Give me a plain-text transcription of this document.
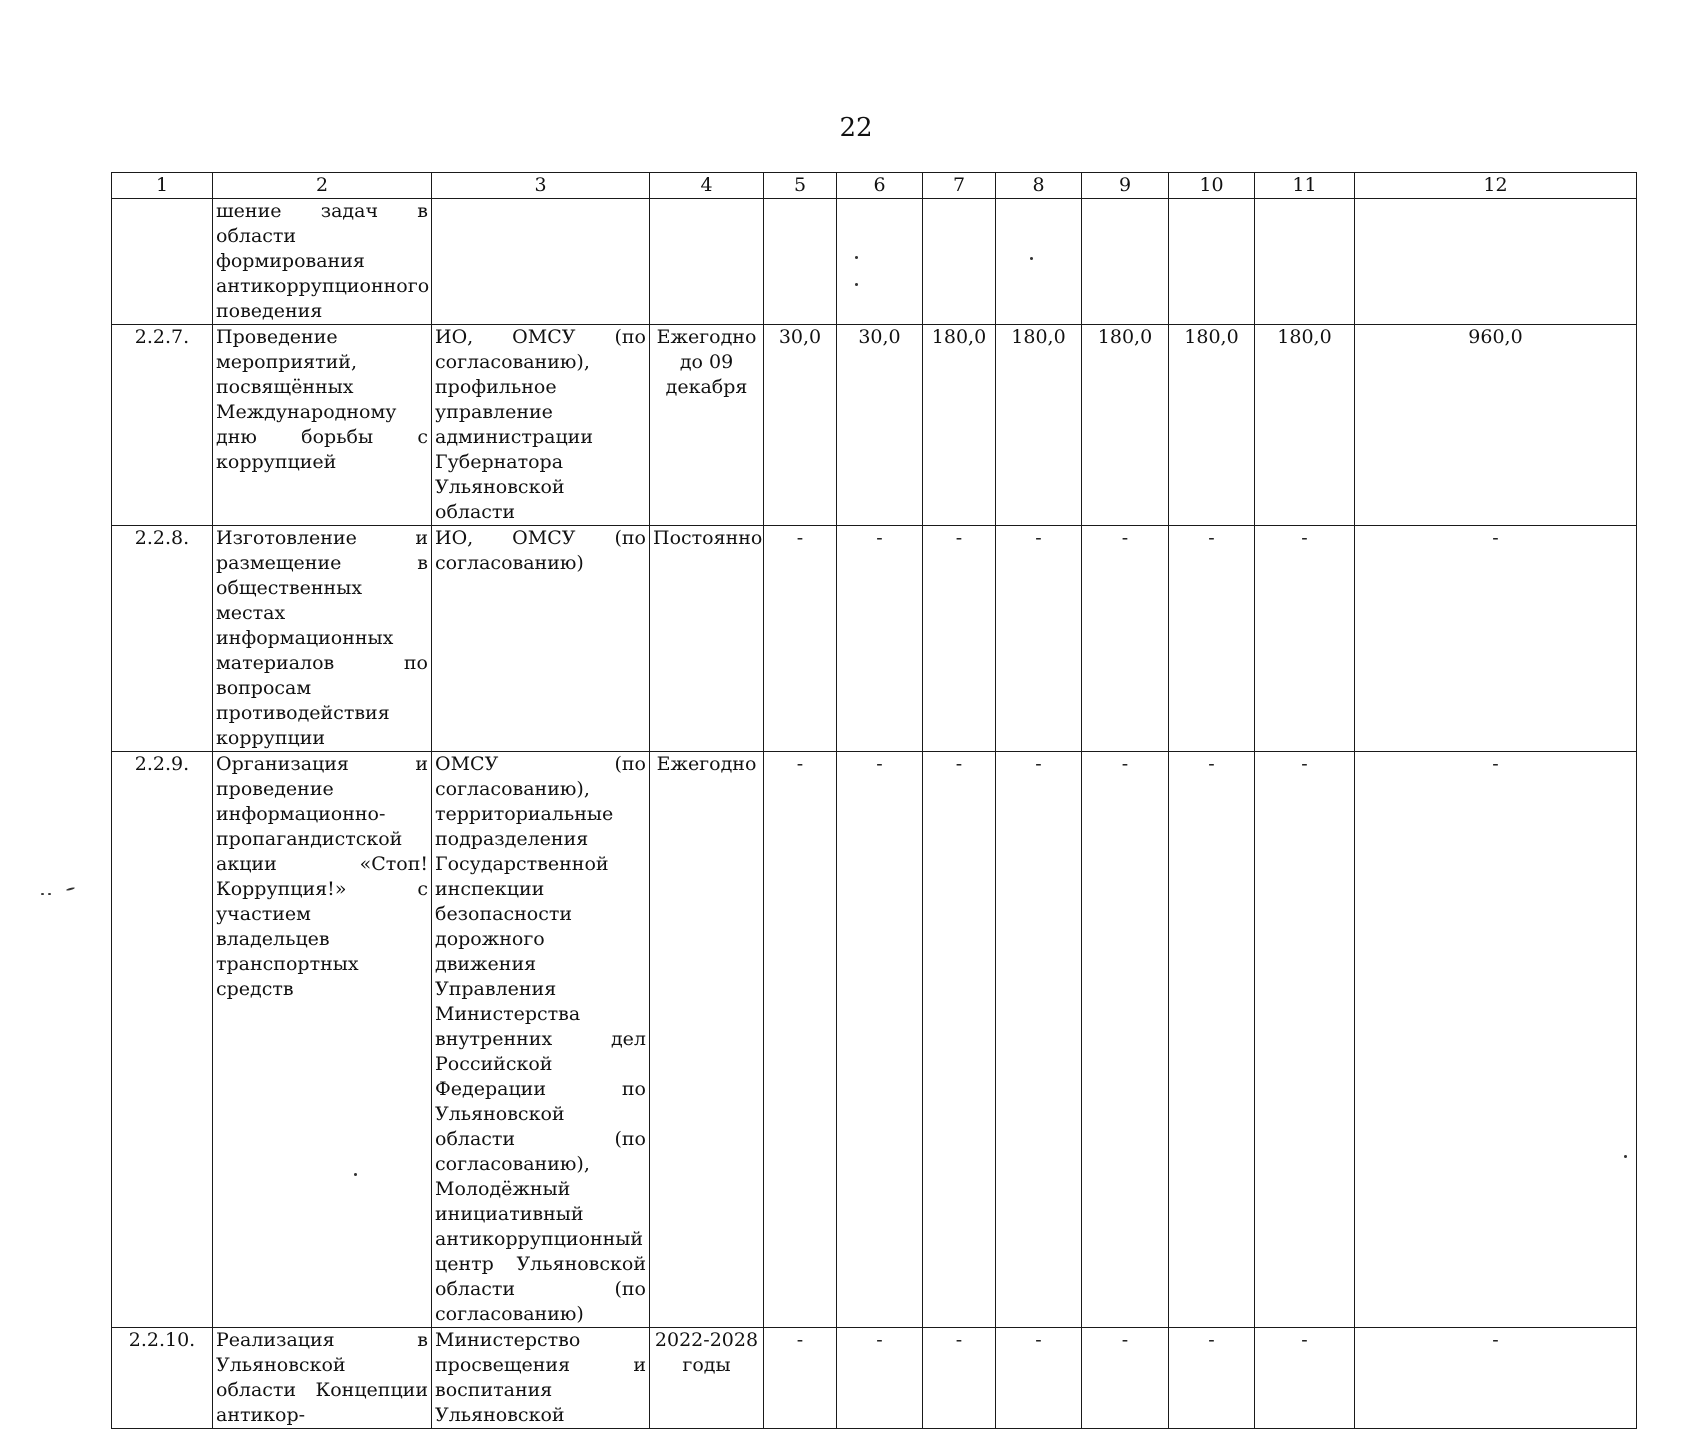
22
1	2	3	4	5	6	7	8	9	10	11	12
	шение задач в области формирования антикоррупционного поведения										
2.2.7.	Проведение мероприятий, посвящённых Международному дню борьбы с коррупцией	ИО, ОМСУ (по согласованию), профильное управление администрации Губернатора Ульяновской области	Ежегодно до 09 декабря	30,0	30,0	180,0	180,0	180,0	180,0	180,0	960,0
2.2.8.	Изготовление и размещение в общественных местах информационных материалов по вопросам противодействия коррупции	ИО, ОМСУ (по согласованию)	Постоянно	-	-	-	-	-	-	-	-
2.2.9.	Организация и проведение информационно-пропагандистской акции «Стоп! Коррупция!» с участием владельцев транспортных средств	ОМСУ (по согласованию), территориальные подразделения Государственной инспекции безопасности дорожного движения Управления Министерства внутренних дел Российской Федерации по Ульяновской области (по согласованию), Молодёжный инициативный антикоррупционный центр Ульяновской области (по согласованию)	Ежегодно	-	-	-	-	-	-	-	-
2.2.10.	Реализация в Ульяновской области Концепции антикор-	Министерство просвещения и воспитания Ульяновской	2022-2028 годы	-	-	-	-	-	-	-	-
